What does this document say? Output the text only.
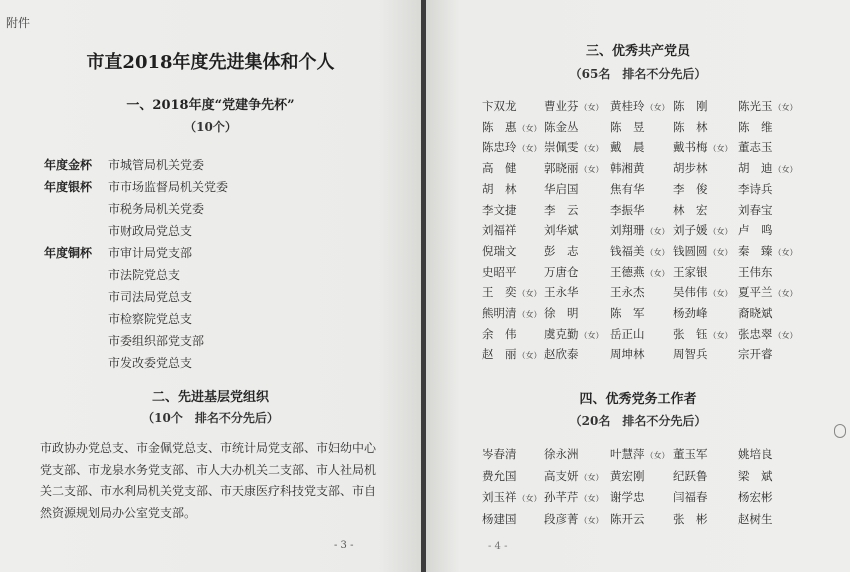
附件
市直2018年度先进集体和个人
一、2018年度“党建争先杯”
（10个）
年度金杯 市城管局机关党委
年度银杯 市市场监督局机关党委
市税务局机关党委
市财政局党总支
年度铜杯 市审计局党支部
市法院党总支
市司法局党总支
市检察院党总支
市委组织部党支部
市发改委党总支
二、先进基层党组织
（10个　排名不分先后）
市政协办党总支、市金佩党总支、市统计局党支部、市妇幼中心党支部、市龙泉水务党支部、市人大办机关二支部、市人社局机关二支部、市水利局机关党支部、市天康医疗科技党支部、市自然资源规划局办公室党支部。
- 3 -
三、优秀共产党员
（65名　排名不分先后）
卞双龙 曹业芬（女） 黄桂玲（女） 陈　刚	陈光玉（女）
陈　惠（女） 陈金丛	陈　昱 陈　林	陈　维
陈忠玲（女） 崇佩雯（女） 戴　晨 戴书梅（女） 董志玉
高　健 郭晓丽（女） 韩湘黄 胡步林	胡　迪（女）
胡　林 华启国	焦有华 李　俊	李诗兵
李文捷 李　云	李振华 林　宏	刘春宝
刘福祥 刘华斌	刘翔珊（女） 刘子媛（女） 卢　鸣
倪瑞文 彭　志	钱福美（女） 钱圆圆（女） 秦　臻（女）
史昭平 万唐仓	王德燕（女） 王家银	王伟东
王　奕（女） 王永华	王永杰 吴伟伟（女） 夏平兰（女）
熊明清（女） 徐　明	陈　军 杨劲峰	裔晓斌
余　伟 虞克勤（女） 岳正山 张　钰（女） 张忠翠（女）
赵　丽（女） 赵欣泰	周坤林 周智兵	宗开睿
四、优秀党务工作者
（20名　排名不分先后）
岑春清 徐永洲	叶慧萍（女） 董玉军	姚培良
费允国 高支妍（女） 黄宏刚 纪跃鲁	梁　斌
刘玉祥（女） 孙芊芹（女） 谢学忠 闫福春	杨宏彬
杨建国 段彦菁（女） 陈开云 张　彬	赵树生
- 4 -
